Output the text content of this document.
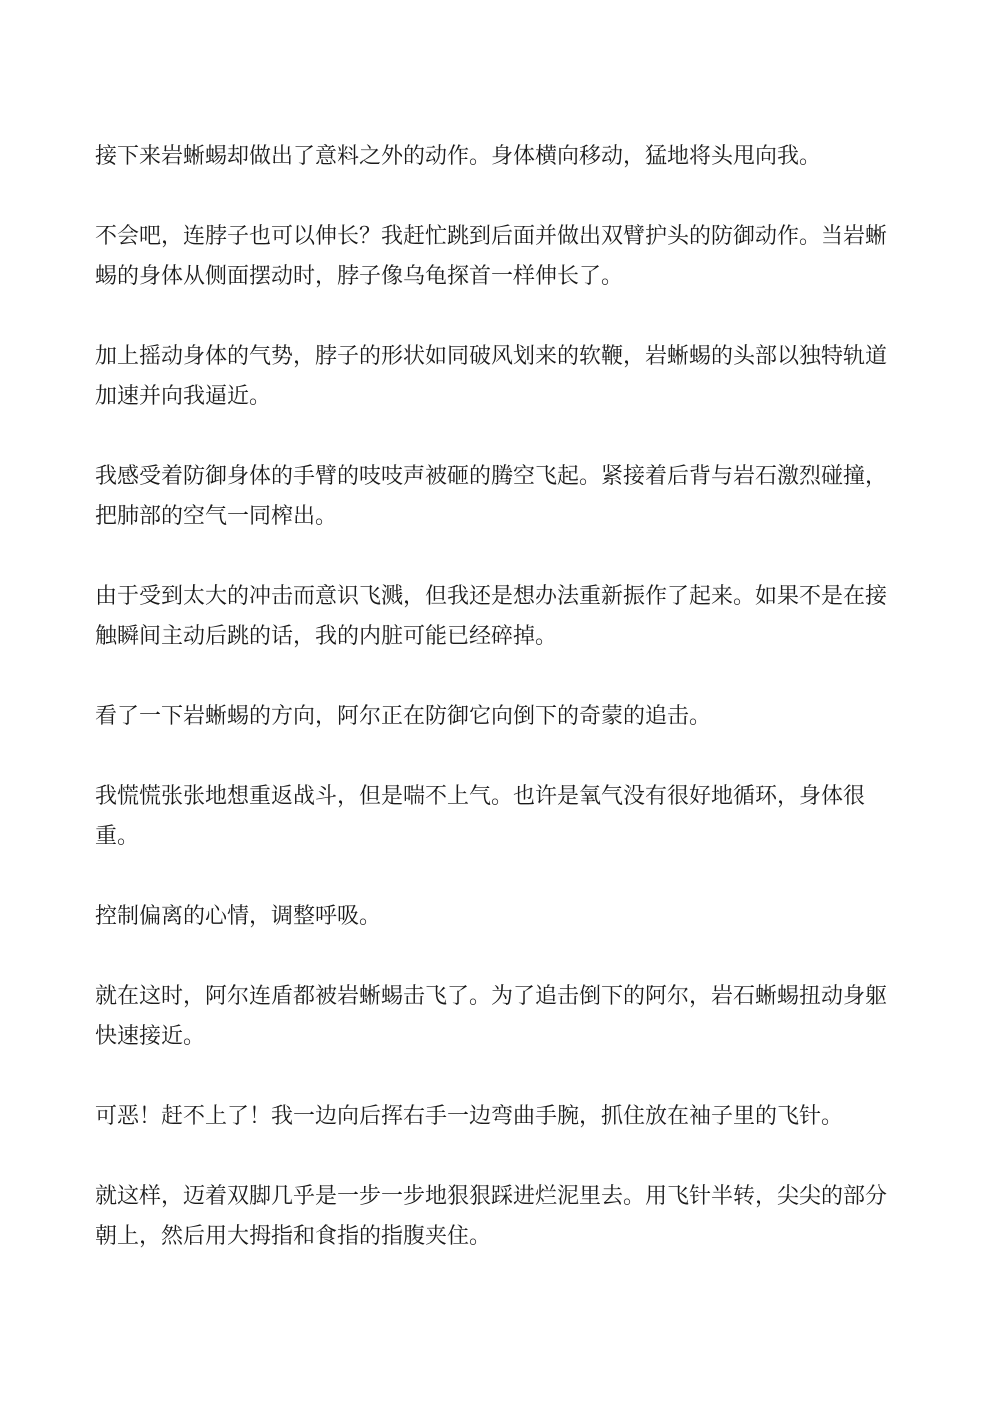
接下来岩蜥蜴却做出了意料之外的动作。身体横向移动，猛地将头甩向我。

不会吧，连脖子也可以伸长？我赶忙跳到后面并做出双臂护头的防御动作。当岩蜥蜴的身体从侧面摆动时，脖子像乌龟探首一样伸长了。

加上摇动身体的气势，脖子的形状如同破风划来的软鞭，岩蜥蜴的头部以独特轨道加速并向我逼近。

我感受着防御身体的手臂的吱吱声被砸的腾空飞起。紧接着后背与岩石激烈碰撞，把肺部的空气一同榨出。

由于受到太大的冲击而意识飞溅，但我还是想办法重新振作了起来。如果不是在接触瞬间主动后跳的话，我的内脏可能已经碎掉。

看了一下岩蜥蜴的方向，阿尔正在防御它向倒下的奇蒙的追击。

我慌慌张张地想重返战斗，但是喘不上气。也许是氧气没有很好地循环，身体很重。

控制偏离的心情，调整呼吸。

就在这时，阿尔连盾都被岩蜥蜴击飞了。为了追击倒下的阿尔，岩石蜥蜴扭动身躯快速接近。

可恶！赶不上了！我一边向后挥右手一边弯曲手腕，抓住放在袖子里的飞针。

就这样，迈着双脚几乎是一步一步地狠狠踩进烂泥里去。用飞针半转，尖尖的部分朝上，然后用大拇指和食指的指腹夹住。
